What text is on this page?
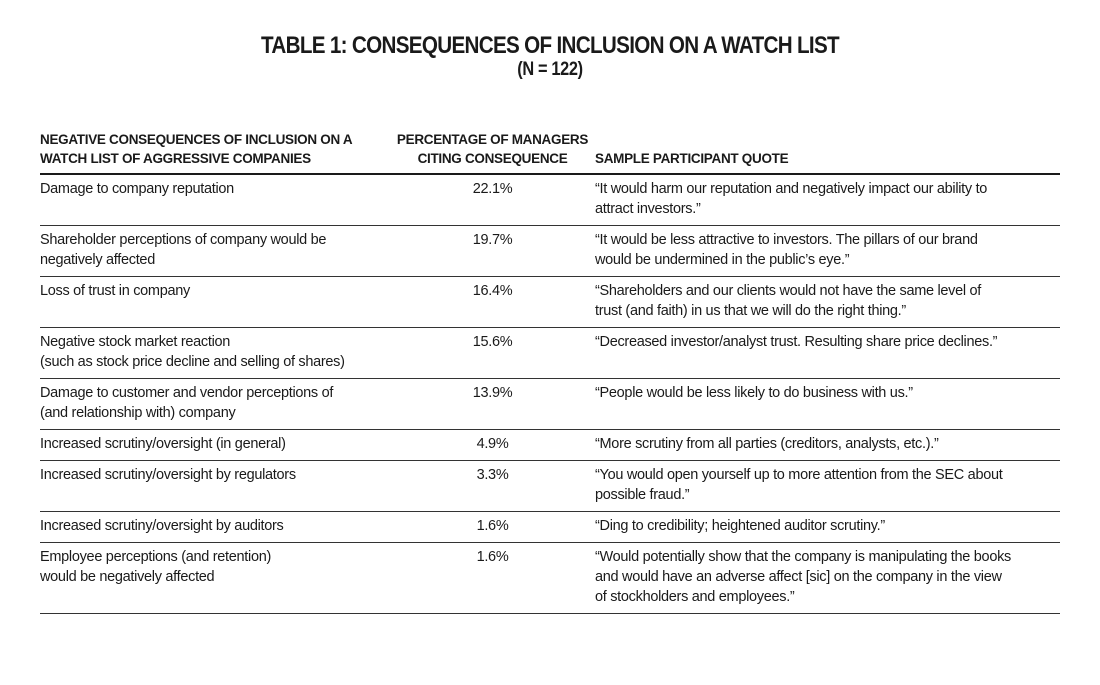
TABLE 1: CONSEQUENCES OF INCLUSION ON A WATCH LIST
(N = 122)
NEGATIVE CONSEQUENCES OF INCLUSION ON A
WATCH LIST OF AGGRESSIVE COMPANIES	PERCENTAGE OF MANAGERS
CITING CONSEQUENCE	SAMPLE PARTICIPANT QUOTE

Damage to company reputation	22.1%	“It would harm our reputation and negatively impact our ability to
attract investors.”

Shareholder perceptions of company would be
negatively affected	19.7%	“It would be less attractive to investors. The pillars of our brand
would be undermined in the public’s eye.”

Loss of trust in company	16.4%	“Shareholders and our clients would not have the same level of
trust (and faith) in us that we will do the right thing.”

Negative stock market reaction
(such as stock price decline and selling of shares)	15.6%	“Decreased investor/analyst trust. Resulting share price declines.”

Damage to customer and vendor perceptions of
(and relationship with) company	13.9%	“People would be less likely to do business with us.”

Increased scrutiny/oversight (in general)	4.9%	“More scrutiny from all parties (creditors, analysts, etc.).”

Increased scrutiny/oversight by regulators	3.3%	“You would open yourself up to more attention from the SEC about
possible fraud.”

Increased scrutiny/oversight by auditors	1.6%	“Ding to credibility; heightened auditor scrutiny.”

Employee perceptions (and retention)
would be negatively affected	1.6%	“Would potentially show that the company is manipulating the books
and would have an adverse affect [sic] on the company in the view
of stockholders and employees.”
